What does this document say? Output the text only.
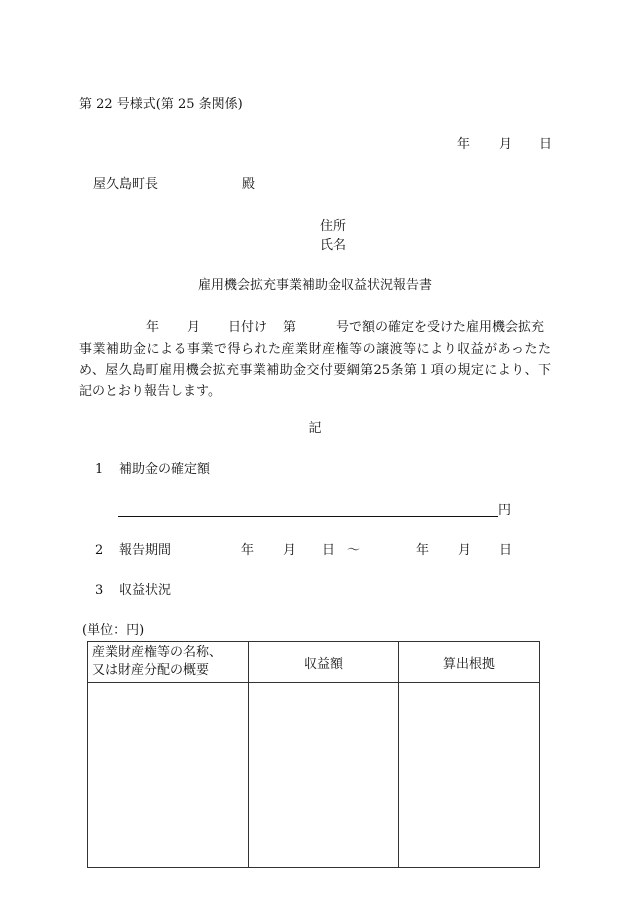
第 22 号様式(第 25 条関係)
年 月 日
屋久島町長	殿
住所
氏名
雇用機会拡充事業補助金収益状況報告書
年 月 日付け 第	号で額の確定を受けた雇用機会拡充
事業補助金による事業で得られた産業財産権等の譲渡等により収益があったた
め、屋久島町雇用機会拡充事業補助金交付要綱第25条第１項の規定により、下
記のとおり報告します。
記
1 補助金の確定額
円
2 報告期間	年 月 日 ～	年 月 日
3 収益状況
(単位：円)
産業財産権等の名称、
又は財産分配の概要	収益額	算出根拠
